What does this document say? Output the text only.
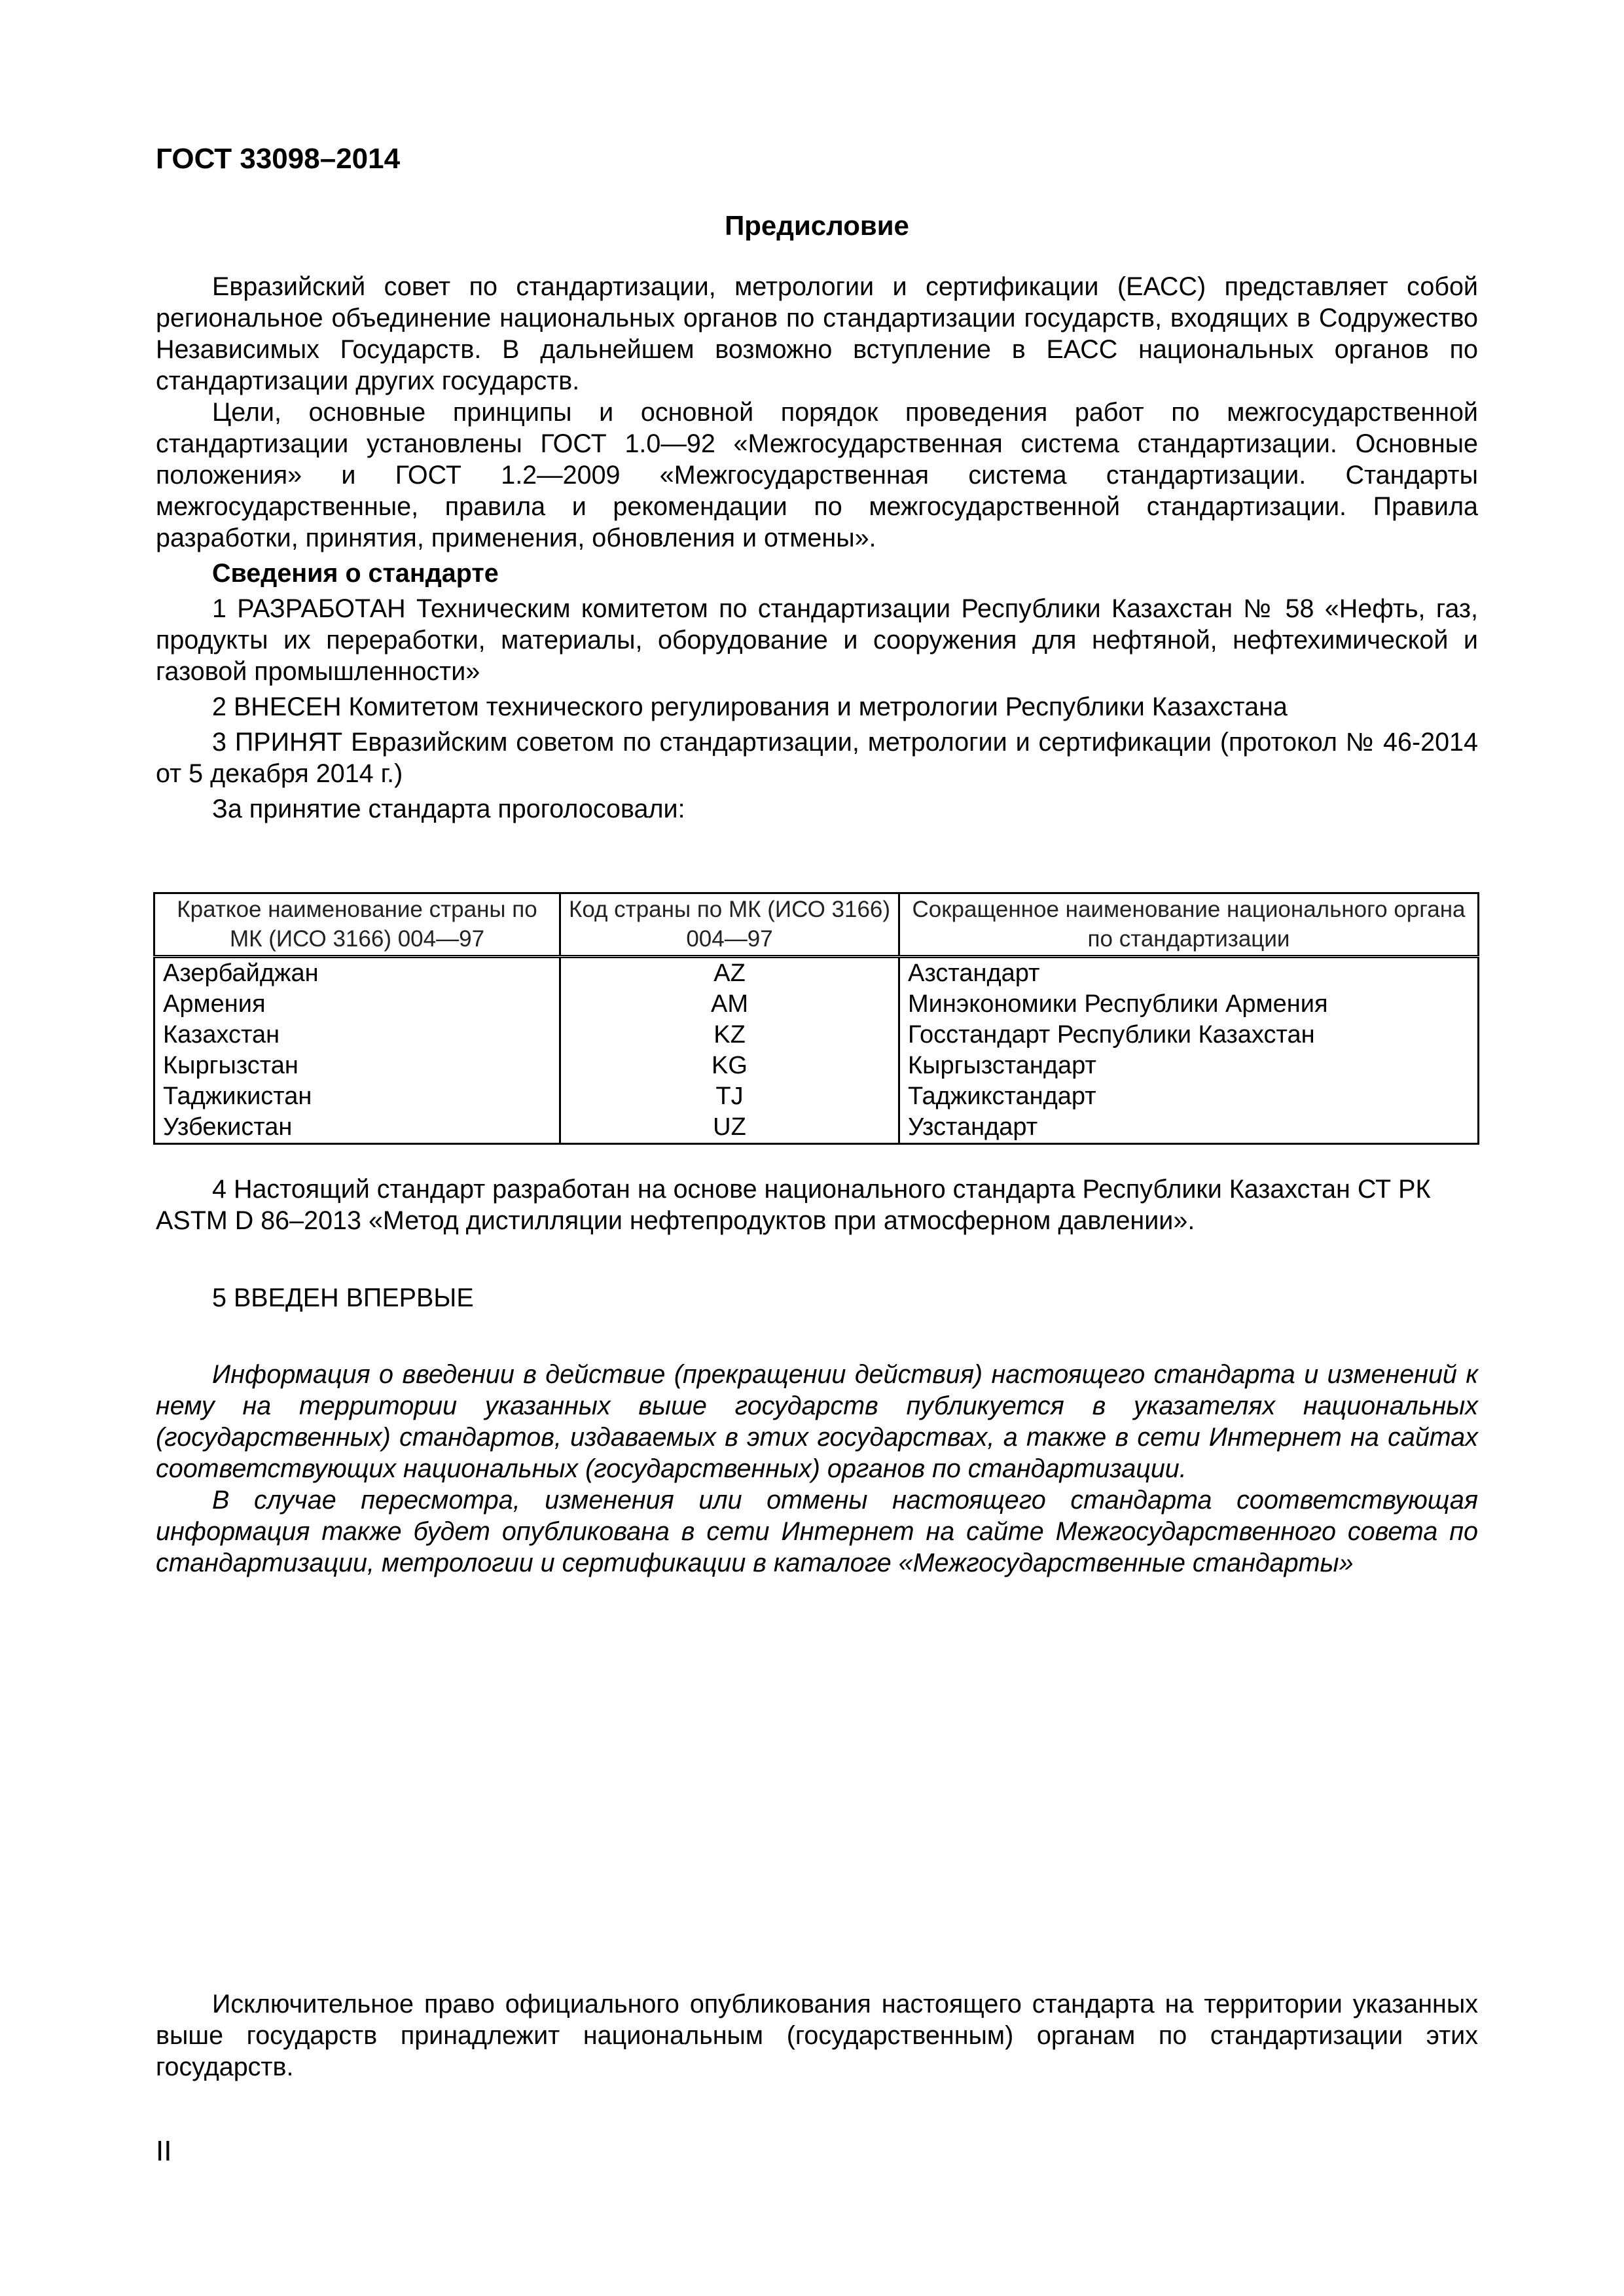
ГОСТ 33098–2014
Предисловие

Евразийский совет по стандартизации, метрологии и сертификации (ЕАСС) представляет собой региональное объединение национальных органов по стандартизации государств, входящих в Содружество Независимых Государств. В дальнейшем возможно вступление в ЕАСС национальных органов по стандартизации других государств.

Цели, основные принципы и основной порядок проведения работ по межгосударственной стандартизации установлены ГОСТ 1.0—92 «Межгосударственная система стандартизации. Основные положения» и ГОСТ 1.2—2009 «Межгосударственная система стандартизации. Стандарты межгосударственные, правила и рекомендации по межгосударственной стандартизации. Правила разработки, принятия, применения, обновления и отмены».

Сведения о стандарте

1 РАЗРАБОТАН Техническим комитетом по стандартизации Республики Казахстан № 58 «Нефть, газ, продукты их переработки, материалы, оборудование и сооружения для нефтяной, нефтехимической и газовой промышленности»

2 ВНЕСЕН Комитетом технического регулирования и метрологии Республики Казахстана

3 ПРИНЯТ Евразийским советом по стандартизации, метрологии и сертификации (протокол № 46-2014 от 5 декабря 2014 г.)

За принятие стандарта проголосовали:

Краткое наименование страны по МК (ИСО 3166) 004—97	Код страны по МК (ИСО 3166) 004—97	Сокращенное наименование национального органа по стандартизации
Азербайджан	AZ	Азстандарт
Армения	AM	Минэкономики Республики Армения
Казахстан	KZ	Госстандарт Республики Казахстан
Кыргызстан	KG	Кыргызстандарт
Таджикистан	TJ	Таджикстандарт
Узбекистан	UZ	Узстандарт

4 Настоящий стандарт разработан на основе национального стандарта Республики Казахстан СТ РК ASTM D 86–2013 «Метод дистилляции нефтепродуктов при атмосферном давлении».

5 ВВЕДЕН ВПЕРВЫЕ

Информация о введении в действие (прекращении действия) настоящего стандарта и изменений к нему на территории указанных выше государств публикуется в указателях национальных (государственных) стандартов, издаваемых в этих государствах, а также в сети Интернет на сайтах соответствующих национальных (государственных) органов по стандартизации.

В случае пересмотра, изменения или отмены настоящего стандарта соответствующая информация также будет опубликована в сети Интернет на сайте Межгосударственного совета по стандартизации, метрологии и сертификации в каталоге «Межгосударственные стандарты»

Исключительное право официального опубликования настоящего стандарта на территории указанных выше государств принадлежит национальным (государственным) органам по стандартизации этих государств.

II
